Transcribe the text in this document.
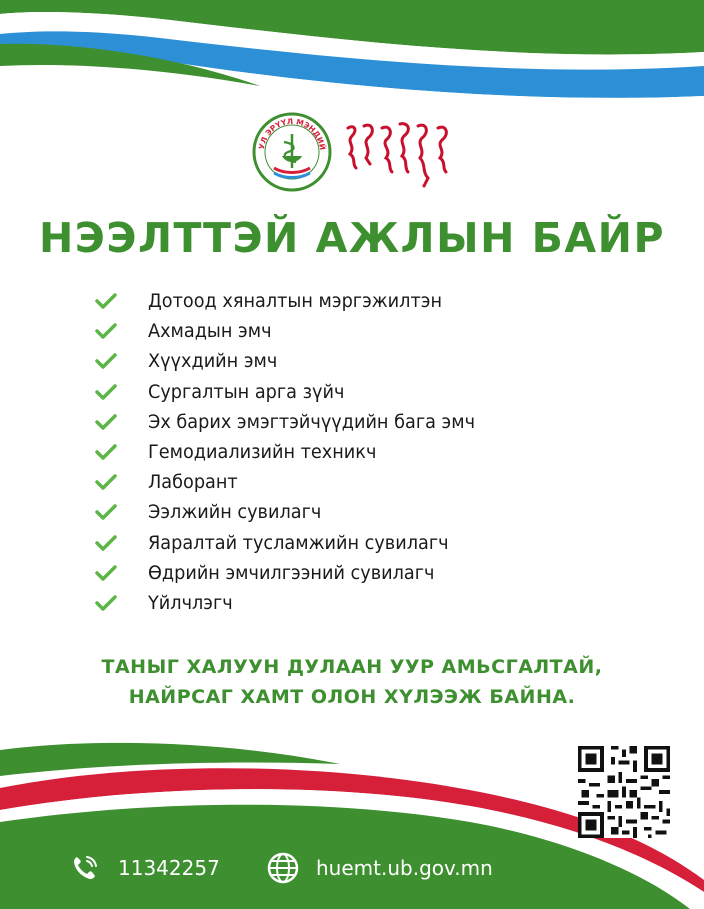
УЛ ЭРҮҮЛ МЭНДИЙ
НЭЭЛТТЭЙ АЖЛЫН БАЙР
Дотоод хяналтын мэргэжилтэн
Ахмадын эмч
Хүүхдийн эмч
Сургалтын арга зүйч
Эх барих эмэгтэйчүүдийн бага эмч
Гемодиализийн техникч
Лаборант
Ээлжийн сувилагч
Яаралтай тусламжийн сувилагч
Өдрийн эмчилгээний сувилагч
Үйлчлэгч
ТАНЫГ ХАЛУУН ДУЛААН УУР АМЬСГАЛТАЙ,
НАЙРСАГ ХАМТ ОЛОН ХҮЛЭЭЖ БАЙНА.
11342257	huemt.ub.gov.mn
